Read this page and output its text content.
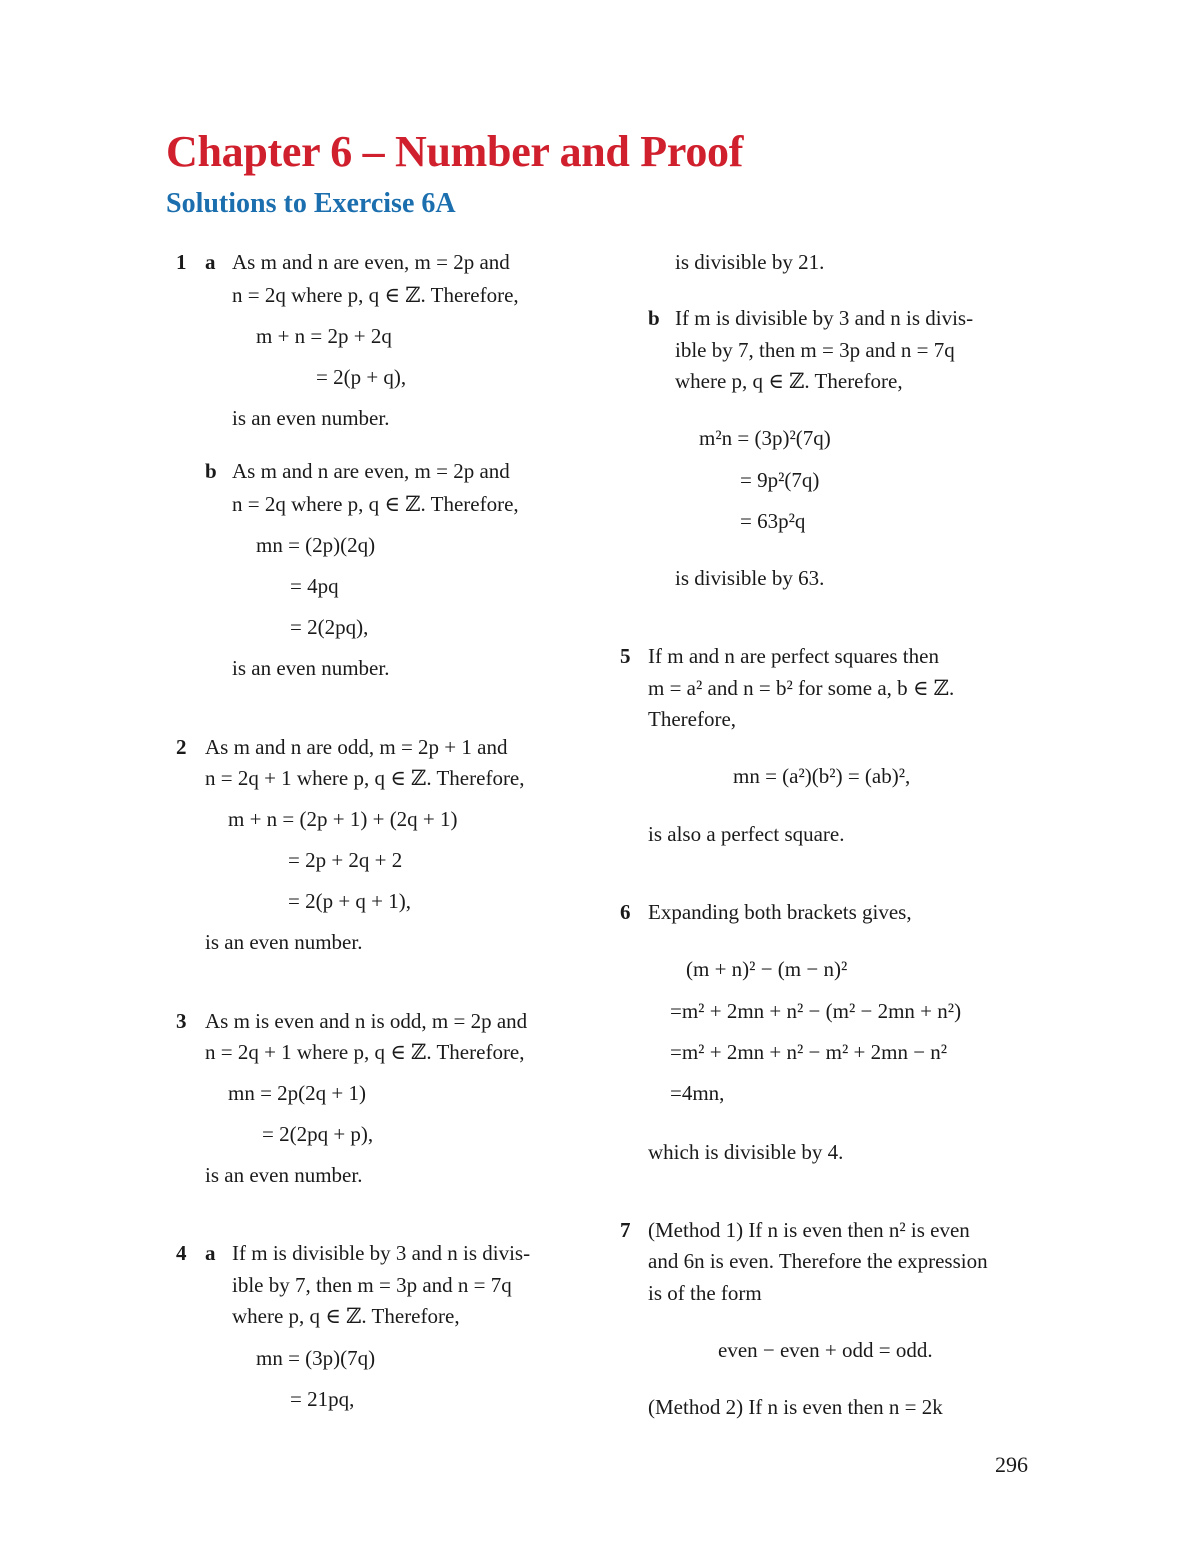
Chapter 6 – Number and Proof
Solutions to Exercise 6A
1 a As m and n are even, m = 2p and
n = 2q where p, q ∈ ℤ. Therefore,
m + n = 2p + 2q
= 2(p + q),
is an even number.
b As m and n are even, m = 2p and
n = 2q where p, q ∈ ℤ. Therefore,
mn = (2p)(2q)
= 4pq
= 2(2pq),
is an even number.
2 As m and n are odd, m = 2p + 1 and
n = 2q + 1 where p, q ∈ ℤ. Therefore,
m + n = (2p + 1) + (2q + 1)
= 2p + 2q + 2
= 2(p + q + 1),
is an even number.
3 As m is even and n is odd, m = 2p and
n = 2q + 1 where p, q ∈ ℤ. Therefore,
mn = 2p(2q + 1)
= 2(2pq + p),
is an even number.
4 a If m is divisible by 3 and n is divis-
ible by 7, then m = 3p and n = 7q
where p, q ∈ ℤ. Therefore,
mn = (3p)(7q)
= 21pq,
is divisible by 21.
b If m is divisible by 3 and n is divis-
ible by 7, then m = 3p and n = 7q
where p, q ∈ ℤ. Therefore,
m²n = (3p)²(7q)
= 9p²(7q)
= 63p²q
is divisible by 63.
5 If m and n are perfect squares then
m = a² and n = b² for some a, b ∈ ℤ.
Therefore,
mn = (a²)(b²) = (ab)²,
is also a perfect square.
6 Expanding both brackets gives,
(m + n)² − (m − n)²
=m² + 2mn + n² − (m² − 2mn + n²)
=m² + 2mn + n² − m² + 2mn − n²
=4mn,
which is divisible by 4.
7 (Method 1) If n is even then n² is even
and 6n is even. Therefore the expression
is of the form
even − even + odd = odd.
(Method 2) If n is even then n = 2k
296
